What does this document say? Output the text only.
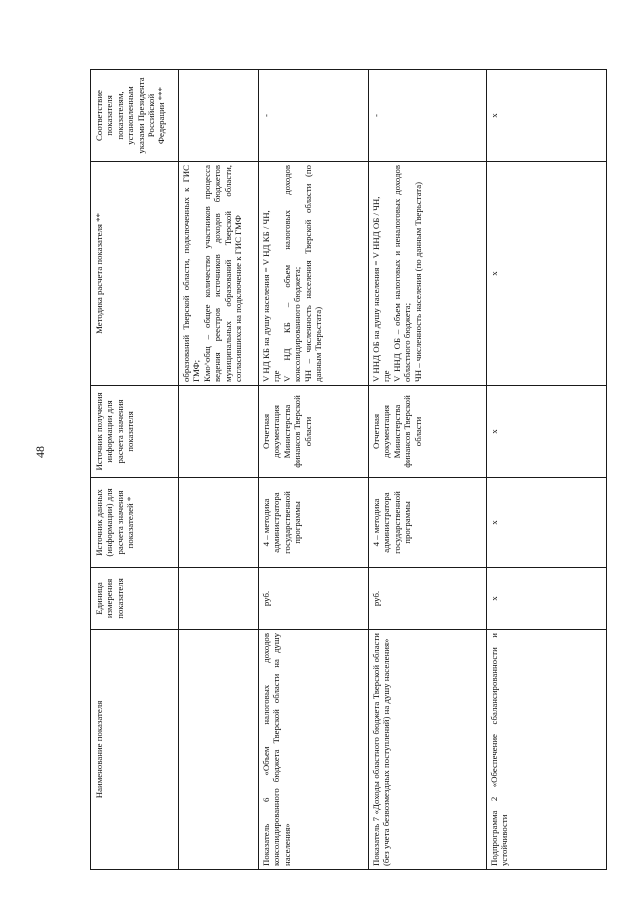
48
Наименование показателя	Единица измерения показателя	Источник данных (информации) для расчета значения показателей *	Источник получения информации для расчета значения показателя	Методика расчета показателя **	Соответствие показателя показателям, установленным указами Президента Российской Федерации ***

				образований Тверской области, подключенных к ГИС ГМФ; Кмо^общ – общее количество участников процесса ведения реестров источников доходов бюджетов муниципальных образований Тверской области, согласившихся на подключение к ГИС ГМФ	

Показатель 6 «Объем налоговых доходов консолидированного бюджета Тверской области на душу населения»	руб.	4 – методика администратора государственной программы	Отчетная документация Министерства финансов Тверской области	V НД КБ на душу населения = V НД КБ / ЧН, где V НД КБ – объем налоговых доходов консолидированного бюджета; ЧН – численность населения Тверской области (по данным Тверьстата)	-
Показатель 7 «Доходы областного бюджета Тверской области (без учета безвозмездных поступлений) на душу населения»	руб.	4 – методика администратора государственной программы	Отчетная документация Министерства финансов Тверской области	V ННД ОБ на душу населения = V ННД ОБ / ЧН, где V ННД ОБ – объем налоговых и неналоговых доходов областного бюджета; ЧН – численность населения (по данным Тверьстата)	-
Подпрограмма 2 «Обеспечение сбалансированности и устойчивости	x	x	x	x	x
